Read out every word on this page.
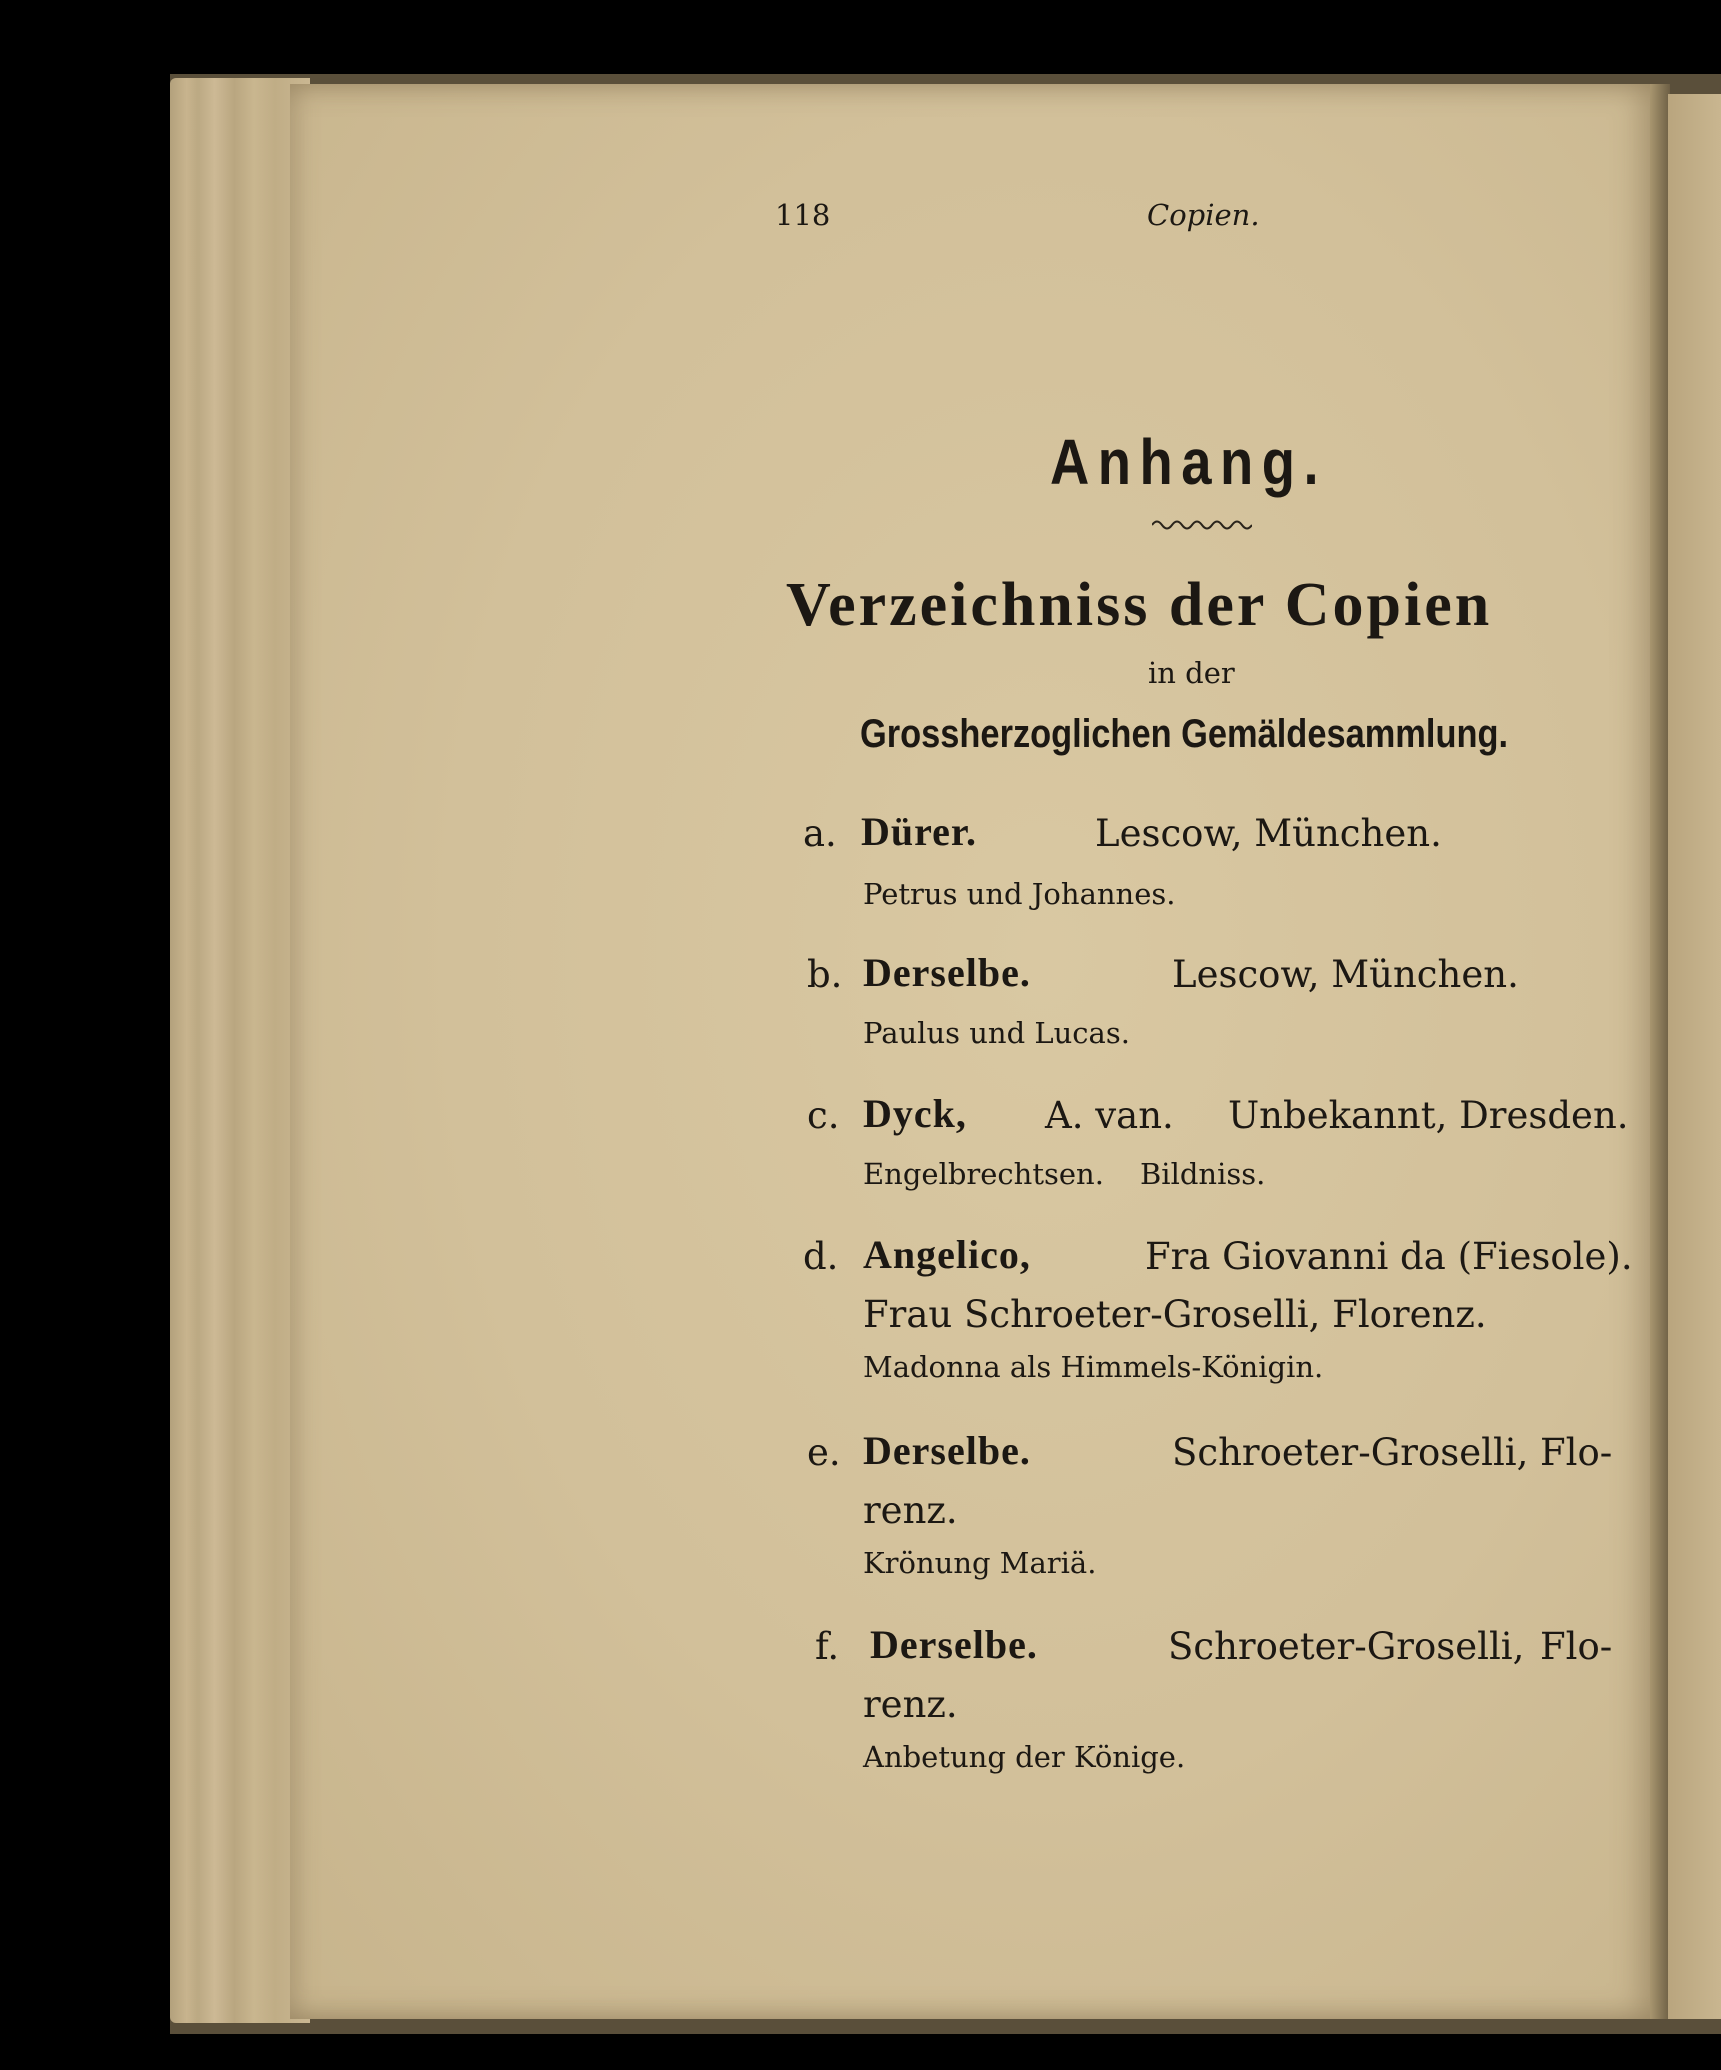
118	Copien.
Anhang.
Verzeichniss der Copien
in der
Grossherzoglichen Gemäldesammlung.
a. Dürer.	Lescow, München.
Petrus und Johannes.
b. Derselbe.	Lescow, München.
Paulus und Lucas.
c. Dyck, A. van. Unbekannt, Dresden.
Engelbrechtsen. Bildniss.
d. Angelico,	Fra Giovanni da (Fiesole).
Frau Schroeter-Groselli, Florenz.
Madonna als Himmels-Königin.
e. Derselbe.	Schroeter-Groselli, Flo-
renz.
Krönung Mariä.
f. Derselbe.	Schroeter-Groselli, Flo-
renz.
Anbetung der Könige.
